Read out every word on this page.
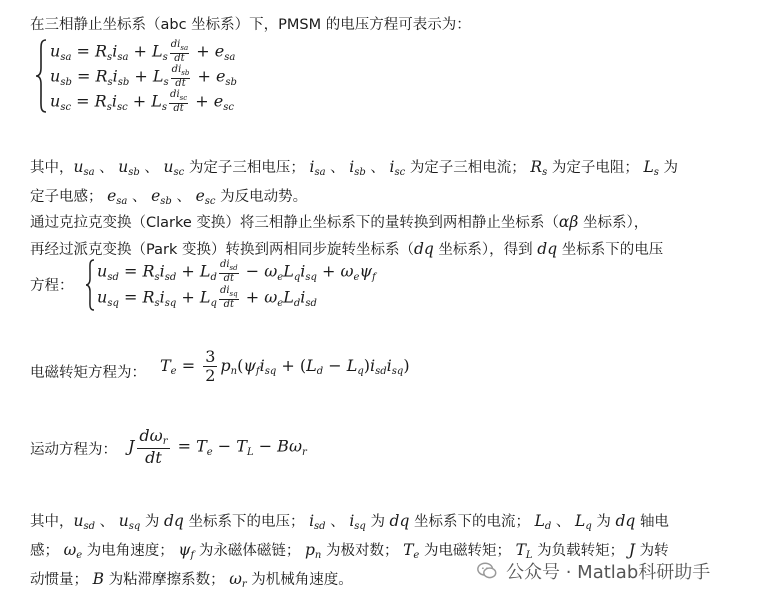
在三相静止坐标系（abc 坐标系）下，PMSM 的电压方程可表示为：
usa = Rsisa + Ls $\frac{di_{sa}}{dt}$ + esa
usb = Rsisb + Ls $\frac{di_{sb}}{dt}$ + esb
usc = Rsisc + Ls $\frac{di_{sc}}{dt}$ + esc
其中，usa 、 usb 、 usc 为定子三相电压； isa 、 isb 、 isc 为定子三相电流； Rs 为定子电阻； Ls 为
定子电感； esa 、 esb 、 esc 为反电动势。
通过克拉克变换（Clarke 变换）将三相静止坐标系下的量转换到两相静止坐标系（αβ 坐标系），
再经过派克变换（Park 变换）转换到两相同步旋转坐标系（dq 坐标系），得到 dq 坐标系下的电压
方程：
usd = Rsisd + Ld $\frac{di_{sd}}{dt}$ − ωeLqisq + ωeψf
usq = Rsisq + Lq $\frac{di_{sq}}{dt}$ + ωeLdisd
电磁转矩方程为： $Te = \frac{3}{2}$ pn(ψfisq + (Ld − Lq)isdisq)
运动方程为： J $\frac{\text{dωr}}{dt} = Te$ − TL − Bωr
其中，usd 、 usq 为 dq 坐标系下的电压； isd 、 isq 为 dq 坐标系下的电流； Ld 、 Lq 为 dq 轴电
感； ωe 为电角速度； ψf 为永磁体磁链； pn 为极对数； Te 为电磁转矩； TL 为负载转矩； J 为转
动惯量； B 为粘滞摩擦系数； ωr 为机械角速度。	公众号 · Matlab科研助手
